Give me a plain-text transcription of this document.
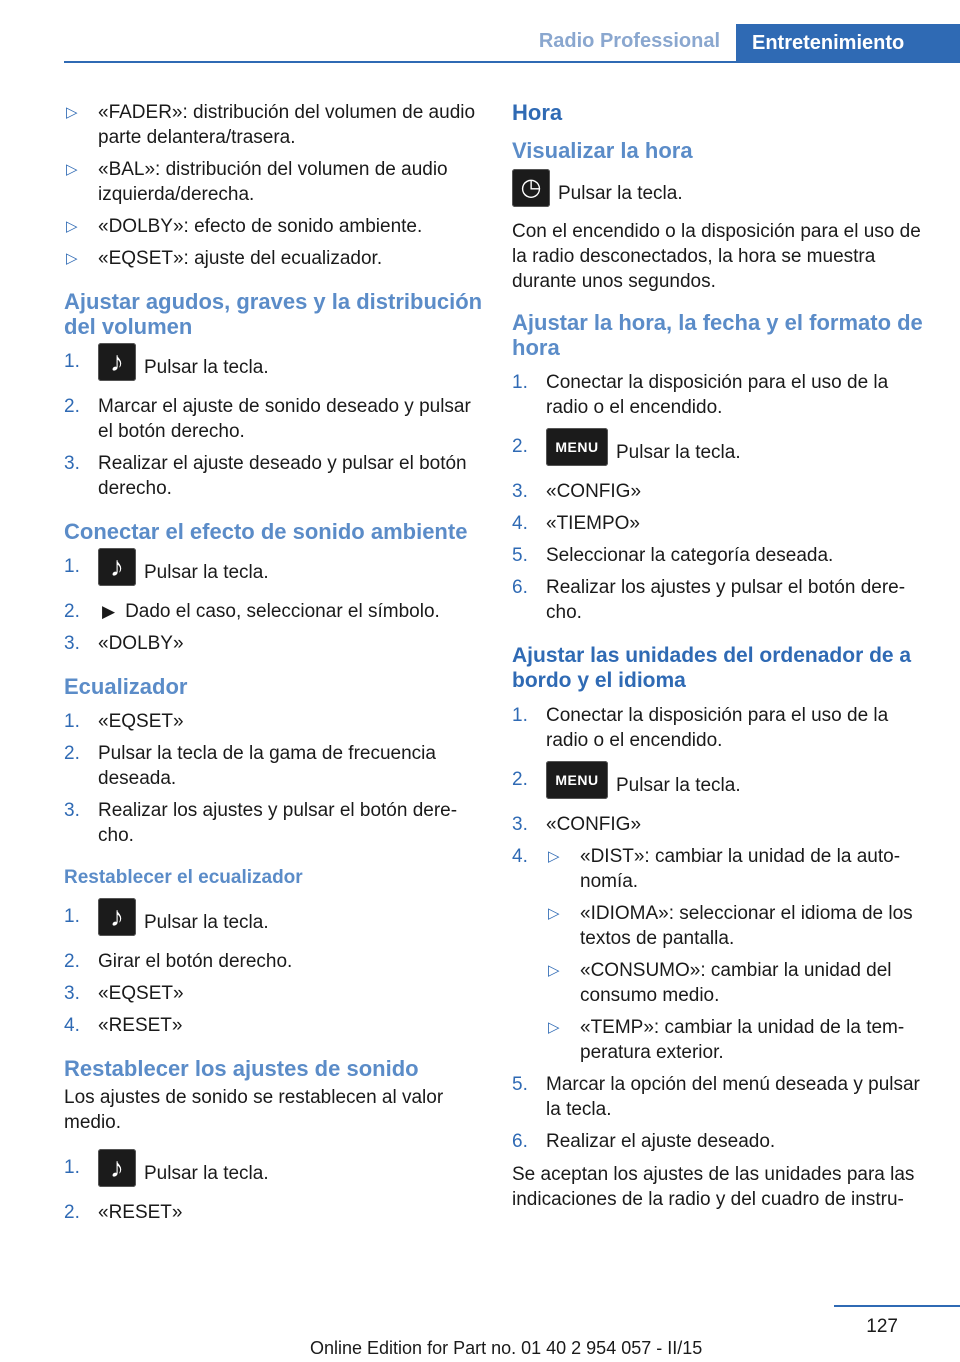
Radio Professional	Entretenimiento
▷ «FADER»: distribución del volumen de audio parte delantera/trasera.
▷ «BAL»: distribución del volumen de audio izquierda/derecha.
▷ «DOLBY»: efecto de sonido ambiente.
▷ «EQSET»: ajuste del ecualizador.
Ajustar agudos, graves y la distribución del volumen
1. ♪ Pulsar la tecla.
2. Marcar el ajuste de sonido deseado y pulsar el botón derecho.
3. Realizar el ajuste deseado y pulsar el botón derecho.
Conectar el efecto de sonido ambiente
1. ♪ Pulsar la tecla.
2. ▶ Dado el caso, seleccionar el símbolo.
3. «DOLBY»
Ecualizador
1. «EQSET»
2. Pulsar la tecla de la gama de frecuencia deseada.
3. Realizar los ajustes y pulsar el botón derecho.
Restablecer el ecualizador
1. ♪ Pulsar la tecla.
2. Girar el botón derecho.
3. «EQSET»
4. «RESET»
Restablecer los ajustes de sonido

Los ajustes de sonido se restablecen al valor medio.

1. ♪ Pulsar la tecla.
2. «RESET»
Hora
Visualizar la hora

◷ Pulsar la tecla.

Con el encendido o la disposición para el uso de la radio desconectados, la hora se muestra durante unos segundos.

Ajustar la hora, la fecha y el formato de hora
1. Conectar la disposición para el uso de la radio o el encendido.
2. MENU Pulsar la tecla.
3. «CONFIG»
4. «TIEMPO»
5. Seleccionar la categoría deseada.
6. Realizar los ajustes y pulsar el botón derecho.
Ajustar las unidades del ordenador de a bordo y el idioma
1. Conectar la disposición para el uso de la radio o el encendido.
2. MENU Pulsar la tecla.
3. «CONFIG»
4. ▷ «DIST»: cambiar la unidad de la autonomía.
▷ «IDIOMA»: seleccionar el idioma de los textos de pantalla.
▷ «CONSUMO»: cambiar la unidad del consumo medio.
▷ «TEMP»: cambiar la unidad de la temperatura exterior.
5. Marcar la opción del menú deseada y pulsar la tecla.
6. Realizar el ajuste deseado.

Se aceptan los ajustes de las unidades para las indicaciones de la radio y del cuadro de instru-

127
Online Edition for Part no. 01 40 2 954 057 - II/15
